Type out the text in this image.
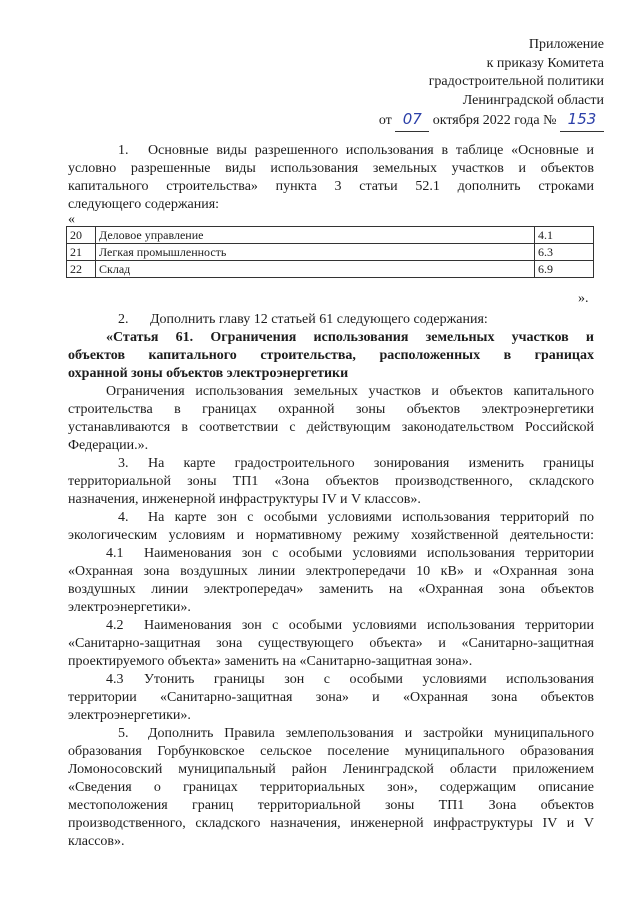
Приложение
к приказу Комитета
градостроительной политики
Ленинградской области
от 07 октября 2022 года № 153
1.	Основные виды разрешенного использования в таблице «Основные и
условно разрешенные виды использования земельных участков и объектов
капитального строительства» пункта 3 статьи 52.1 дополнить строками
следующего содержания:
«
20	Деловое управление	4.1
21	Легкая промышленность	6.3
22	Склад	6.9
».
2.	Дополнить главу 12 статьей 61 следующего содержания:
«Статья 61. Ограничения использования земельных участков и
объектов капитального строительства, расположенных в границах
охранной зоны объектов электроэнергетики
Ограничения использования земельных участков и объектов капитального
строительства в границах охранной зоны объектов электроэнергетики
устанавливаются в соответствии с действующим законодательством Российской
Федерации.».
3.	На карте градостроительного зонирования изменить границы
территориальной зоны ТП1 «Зона объектов производственного, складского
назначения, инженерной инфраструктуры IV и V классов».
4.	На карте зон с особыми условиями использования территорий по
экологическим условиям и нормативному режиму хозяйственной деятельности:
4.1	Наименования зон с особыми условиями использования территории
«Охранная зона воздушных линии электропередачи 10 кВ» и «Охранная зона
воздушных линии электропередач» заменить на «Охранная зона объектов
электроэнергетики».
4.2	Наименования зон с особыми условиями использования территории
«Санитарно-защитная зона существующего объекта» и «Санитарно-защитная
проектируемого объекта» заменить на «Санитарно-защитная зона».
4.3	Утонить границы зон с особыми условиями использования
территории «Санитарно-защитная зона» и «Охранная зона объектов
электроэнергетики».
5.	Дополнить Правила землепользования и застройки муниципального
образования Горбунковское сельское поселение муниципального образования
Ломоносовский муниципальный район Ленинградской области приложением
«Сведения о границах территориальных зон», содержащим описание
местоположения границ территориальной зоны ТП1 Зона объектов
производственного, складского назначения, инженерной инфраструктуры IV и V
классов».
